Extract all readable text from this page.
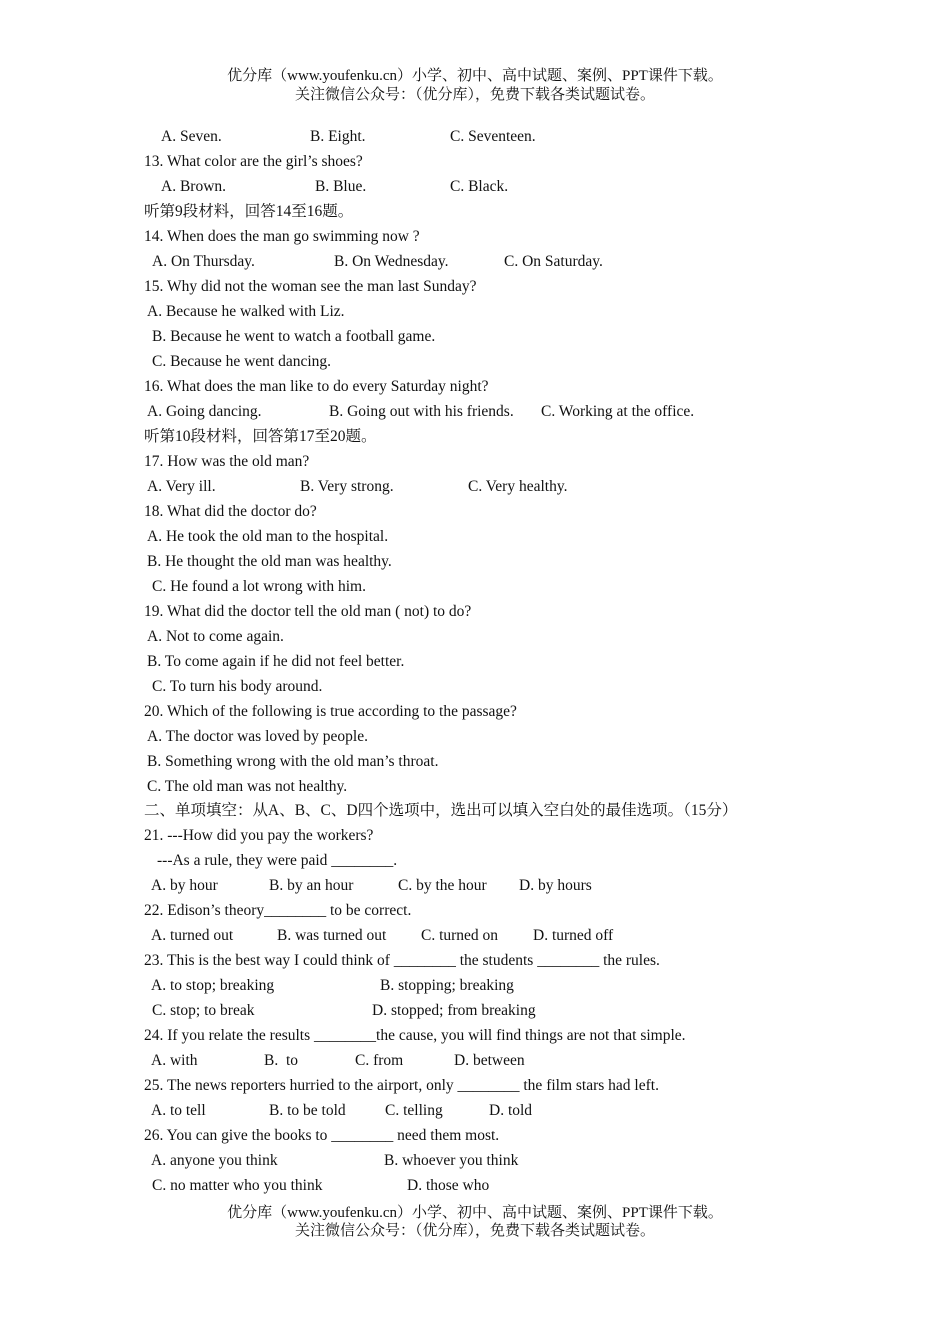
优分库（www.youfenku.cn）小学、初中、高中试题、案例、PPT课件下载。
关注微信公众号：（优分库），免费下载各类试题试卷。
A. Seven.	B. Eight.	C. Seventeen.
13. What color are the girl’s shoes?
A. Brown.	B. Blue.	C. Black.
听第9段材料，回答14至16题。
14. When does the man go swimming now ?
A. On Thursday.	B. On Wednesday.	C. On Saturday.
15. Why did not the woman see the man last Sunday?
A. Because he walked with Liz.
B. Because he went to watch a football game.
C. Because he went dancing.
16. What does the man like to do every Saturday night?
A. Going dancing.	B. Going out with his friends. C. Working at the office.
听第10段材料，回答第17至20题。
17. How was the old man?
A. Very ill.	B. Very strong.	C. Very healthy.
18. What did the doctor do?
A. He took the old man to the hospital.
B. He thought the old man was healthy.
C. He found a lot wrong with him.
19. What did the doctor tell the old man ( not) to do?
A. Not to come again.
B. To come again if he did not feel better.
C. To turn his body around.
20. Which of the following is true according to the passage?
A. The doctor was loved by people.
B. Something wrong with the old man’s throat.
C. The old man was not healthy.
二、单项填空：从A、B、C、D四个选项中，选出可以填入空白处的最佳选项。（15分）
21. ---How did you pay the workers?
---As a rule, they were paid ________.
A. by hour	B. by an hour	C. by the hour D. by hours
22. Edison’s theory________ to be correct.
A. turned out	B. was turned out C. turned on D. turned off
23. This is the best way I could think of ________ the students ________ the rules.
A. to stop; breaking	B. stopping; breaking
C. stop; to break	D. stopped; from breaking
24. If you relate the results ________the cause, you will find things are not that simple.
A. with	B.  to	C. from	D. between
25. The news reporters hurried to the airport, only ________ the film stars had left.
A. to tell	B. to be told	C. telling	D. told
26. You can give the books to ________ need them most.
A. anyone you think	B. whoever you think
C. no matter who you think	D. those who
优分库（www.youfenku.cn）小学、初中、高中试题、案例、PPT课件下载。
关注微信公众号：（优分库），免费下载各类试题试卷。
